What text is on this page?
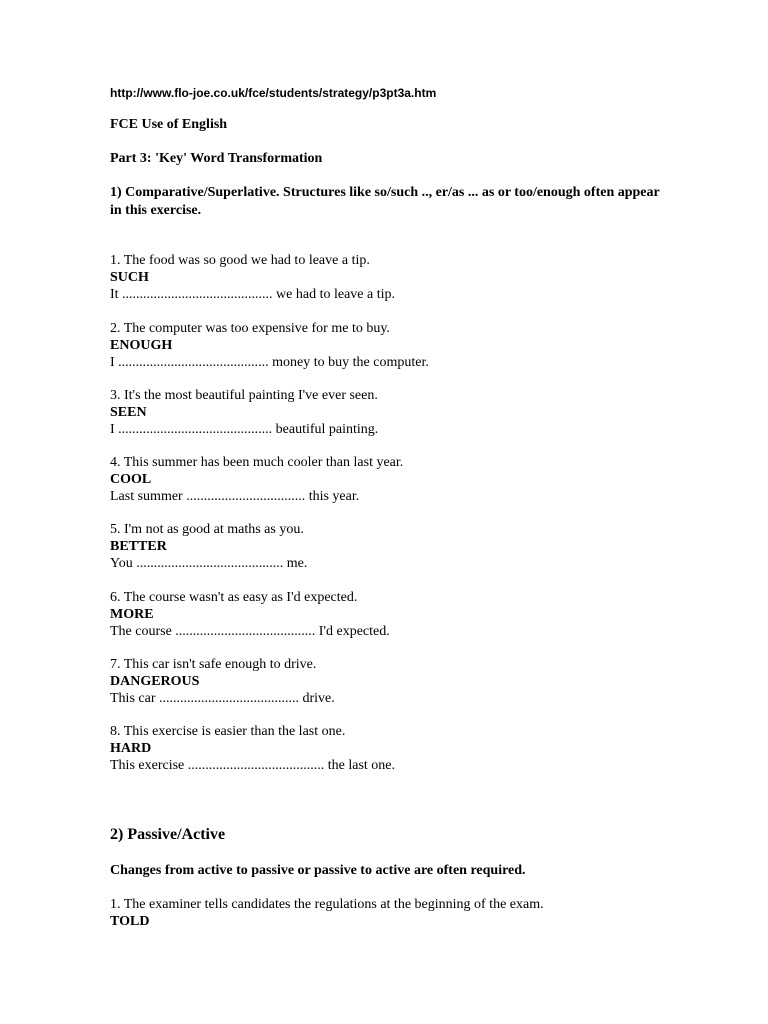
http://www.flo-joe.co.uk/fce/students/strategy/p3pt3a.htm
FCE Use of English
Part 3: 'Key' Word Transformation
1) Comparative/Superlative. Structures like so/such .., er/as ... as or too/enough often appear in this exercise.
1. The food was so good we had to leave a tip.
SUCH
It ........................................... we had to leave a tip.
2. The computer was too expensive for me to buy.
ENOUGH
I ........................................... money to buy the computer.
3. It's the most beautiful painting I've ever seen.
SEEN
I ............................................ beautiful painting.
4. This summer has been much cooler than last year.
COOL
Last summer .................................. this year.
5. I'm not as good at maths as you.
BETTER
You .......................................... me.
6. The course wasn't as easy as I'd expected.
MORE
The course ........................................ I'd expected.
7. This car isn't safe enough to drive.
DANGEROUS
This car ........................................ drive.
8. This exercise is easier than the last one.
HARD
This exercise ....................................... the last one.
2) Passive/Active
Changes from active to passive or passive to active are often required.
1. The examiner tells candidates the regulations at the beginning of the exam.
TOLD
